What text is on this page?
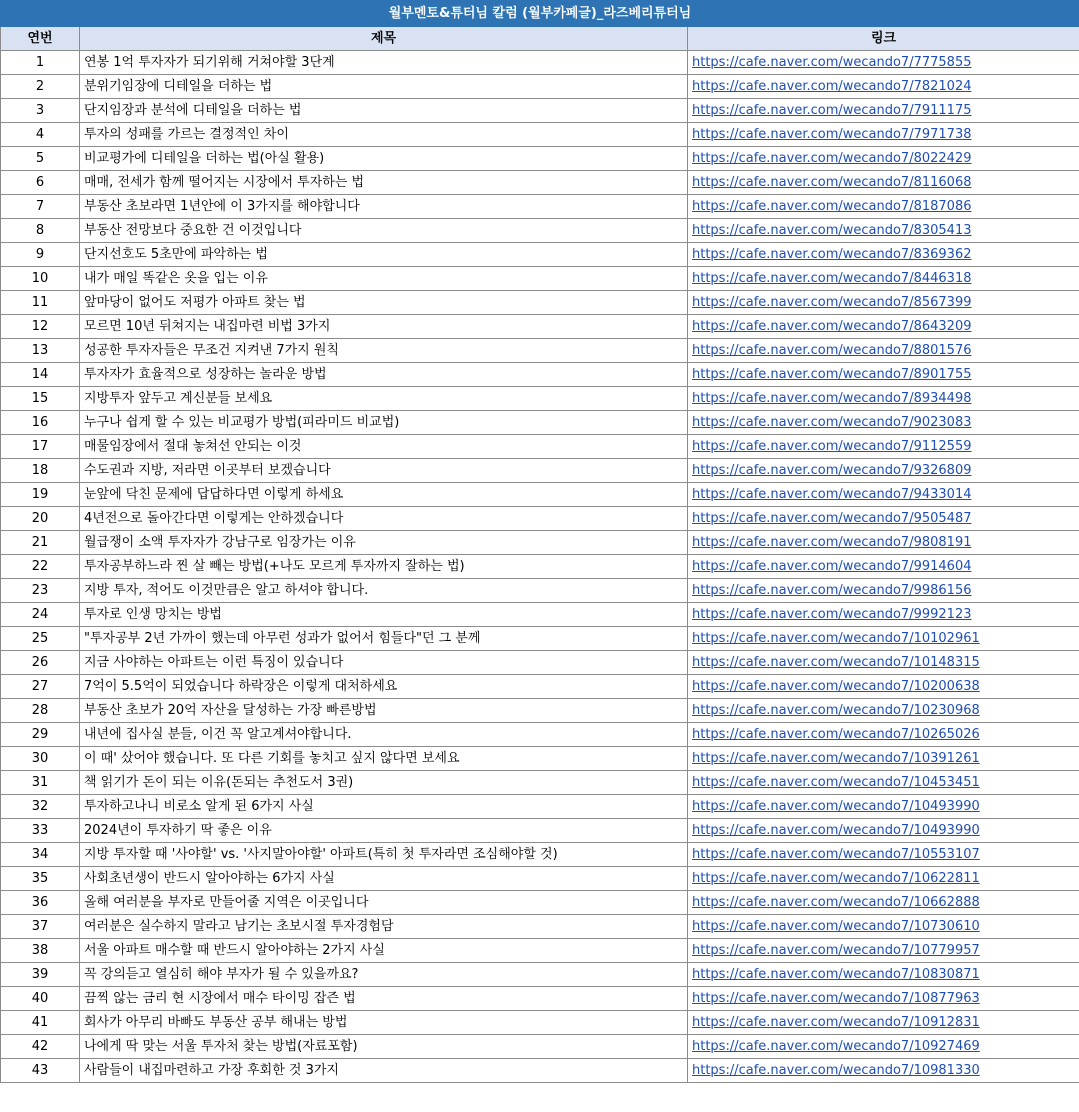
월부멘토&튜터님 칼럼 (월부카페글)_라즈베리튜터님		
연번	제목	링크
1	연봉 1억 투자자가 되기위해 거쳐야할 3단계	https://cafe.naver.com/wecando7/7775855
2	분위기임장에 디테일을 더하는 법	https://cafe.naver.com/wecando7/7821024
3	단지임장과 분석에 디테일을 더하는 법	https://cafe.naver.com/wecando7/7911175
4	투자의 성패를 가르는 결정적인 차이	https://cafe.naver.com/wecando7/7971738
5	비교평가에 디테일을 더하는 법(아실 활용)	https://cafe.naver.com/wecando7/8022429
6	매매, 전세가 함께 떨어지는 시장에서 투자하는 법	https://cafe.naver.com/wecando7/8116068
7	부동산 초보라면 1년안에 이 3가지를 해야합니다	https://cafe.naver.com/wecando7/8187086
8	부동산 전망보다 중요한 건 이것입니다	https://cafe.naver.com/wecando7/8305413
9	단지선호도 5초만에 파악하는 법	https://cafe.naver.com/wecando7/8369362
10	내가 매일 똑같은 옷을 입는 이유	https://cafe.naver.com/wecando7/8446318
11	앞마당이 없어도 저평가 아파트 찾는 법	https://cafe.naver.com/wecando7/8567399
12	모르면 10년 뒤쳐지는 내집마련 비법 3가지	https://cafe.naver.com/wecando7/8643209
13	성공한 투자자들은 무조건 지켜낸 7가지 원칙	https://cafe.naver.com/wecando7/8801576
14	투자자가 효율적으로 성장하는 놀라운 방법	https://cafe.naver.com/wecando7/8901755
15	지방투자 앞두고 계신분들 보세요	https://cafe.naver.com/wecando7/8934498
16	누구나 쉽게 할 수 있는 비교평가 방법(피라미드 비교법)	https://cafe.naver.com/wecando7/9023083
17	매물임장에서 절대 놓쳐선 안되는 이것	https://cafe.naver.com/wecando7/9112559
18	수도권과 지방, 저라면 이곳부터 보겠습니다	https://cafe.naver.com/wecando7/9326809
19	눈앞에 닥친 문제에 답답하다면 이렇게 하세요	https://cafe.naver.com/wecando7/9433014
20	4년전으로 돌아간다면 이렇게는 안하겠습니다	https://cafe.naver.com/wecando7/9505487
21	월급쟁이 소액 투자자가 강남구로 임장가는 이유	https://cafe.naver.com/wecando7/9808191
22	투자공부하느라 찐 살 빼는 방법(+나도 모르게 투자까지 잘하는 법)	https://cafe.naver.com/wecando7/9914604
23	지방 투자, 적어도 이것만큼은 알고 하셔야 합니다.	https://cafe.naver.com/wecando7/9986156
24	투자로 인생 망치는 방법	https://cafe.naver.com/wecando7/9992123
25	"투자공부 2년 가까이 했는데 아무런 성과가 없어서 힘들다"던 그 분께	https://cafe.naver.com/wecando7/10102961
26	지금 사야하는 아파트는 이런 특징이 있습니다	https://cafe.naver.com/wecando7/10148315
27	7억이 5.5억이 되었습니다 하락장은 이렇게 대처하세요	https://cafe.naver.com/wecando7/10200638
28	부동산 초보가 20억 자산을 달성하는 가장 빠른방법	https://cafe.naver.com/wecando7/10230968
29	내년에 집사실 분들, 이건 꼭 알고계셔야합니다.	https://cafe.naver.com/wecando7/10265026
30	이 때' 샀어야 했습니다. 또 다른 기회를 놓치고 싶지 않다면 보세요	https://cafe.naver.com/wecando7/10391261
31	책 읽기가 돈이 되는 이유(돈되는 추천도서 3권)	https://cafe.naver.com/wecando7/10453451
32	투자하고나니 비로소 알게 된 6가지 사실	https://cafe.naver.com/wecando7/10493990
33	2024년이 투자하기 딱 좋은 이유	https://cafe.naver.com/wecando7/10493990
34	지방 투자할 때 '사야할' vs. '사지말아야할' 아파트(특히 첫 투자라면 조심해야할 것)	https://cafe.naver.com/wecando7/10553107
35	사회초년생이 반드시 알아야하는 6가지 사실	https://cafe.naver.com/wecando7/10622811
36	올해 여러분을 부자로 만들어줄 지역은 이곳입니다	https://cafe.naver.com/wecando7/10662888
37	여러분은 실수하지 말라고 남기는 초보시절 투자경험담	https://cafe.naver.com/wecando7/10730610
38	서울 아파트 매수할 때 반드시 알아야하는 2가지 사실	https://cafe.naver.com/wecando7/10779957
39	꼭 강의듣고 열심히 해야 부자가 될 수 있을까요?	https://cafe.naver.com/wecando7/10830871
40	끔찍 않는 금리 현 시장에서 매수 타이밍 잡즌 법	https://cafe.naver.com/wecando7/10877963
41	회사가 아무리 바빠도 부동산 공부 해내는 방법	https://cafe.naver.com/wecando7/10912831
42	나에게 딱 맞는 서울 투자처 찾는 방법(자료포함)	https://cafe.naver.com/wecando7/10927469
43	사람들이 내집마련하고 가장 후회한 것 3가지	https://cafe.naver.com/wecando7/10981330
